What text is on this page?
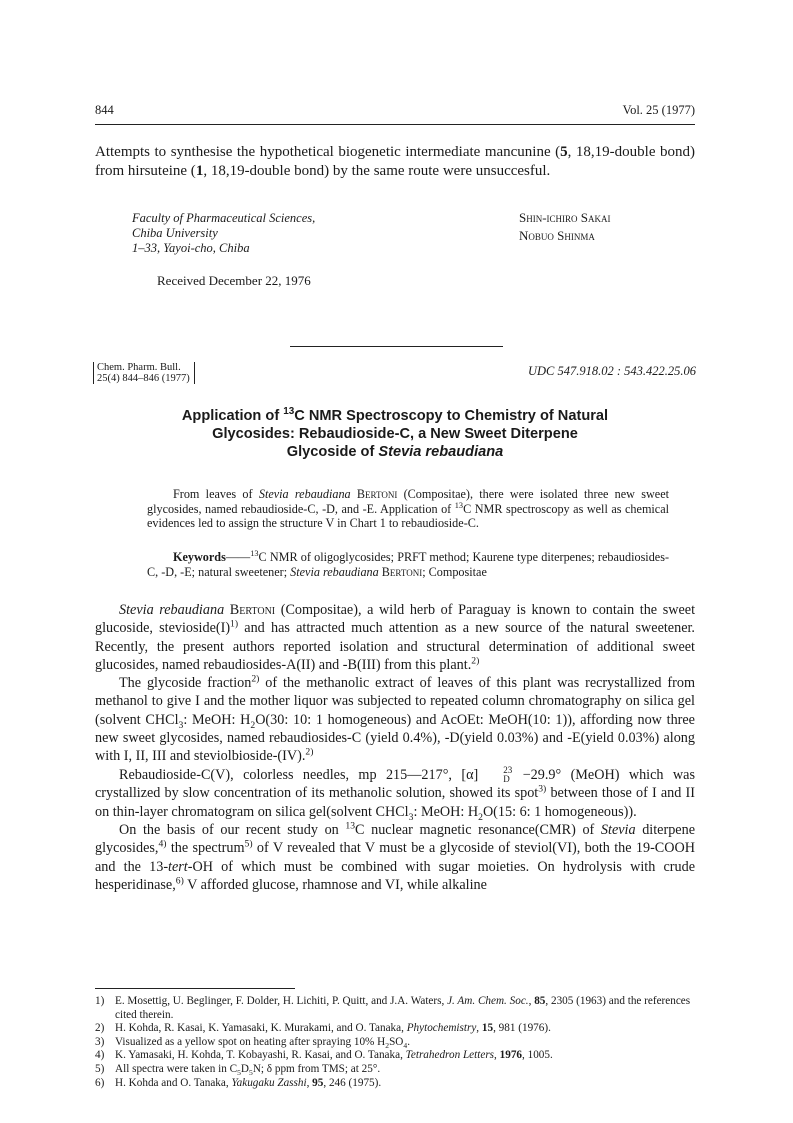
844	Vol. 25 (1977)
Attempts to synthesise the hypothetical biogenetic intermediate mancunine (5, 18,19-double bond) from hirsuteine (1, 18,19-double bond) by the same route were unsuccesful.
Faculty of Pharmaceutical Sciences,
Chiba University
1–33, Yayoi-cho, Chiba
Shin-ichiro Sakai
Nobuo Shinma
Received December 22, 1976
Chem. Pharm. Bull.
25(4) 844–846 (1977)
UDC 547.918.02 : 543.422.25.06
Application of $^{13}$C NMR Spectroscopy to Chemistry of Natural
Glycosides: Rebaudioside-C, a New Sweet Diterpene
Glycoside of Stevia rebaudiana
From leaves of Stevia rebaudiana Bertoni (Compositae), there were isolated three new sweet glycosides, named rebaudioside-C, -D, and -E. Application of $^{13}$C NMR spectroscopy as well as chemical evidences led to assign the structure V in Chart 1 to rebaudioside-C.
Keywords——$^{13}$C NMR of oligoglycosides; PRFT method; Kaurene type diterpenes; rebaudiosides-C, -D, -E; natural sweetener; Stevia rebaudiana Bertoni; Compositae

Stevia rebaudiana Bertoni (Compositae), a wild herb of Paraguay is known to contain the sweet glucoside, $stevioside(I)^{1)}$ and has attracted much attention as a new source of the natural sweetener. Recently, the present authors reported isolation and structural determination of additional sweet glucosides, named rebaudiosides-A(II) and -B(III) from this plant.$^{2)}$

The glycoside fraction$^{2)}$ of the methanolic extract of leaves of this plant was recrystallized from methanol to give I and the mother liquor was subjected to repeated column chromatography on silica gel (solvent CHCl$_3$: MeOH: $H_2O(30$: 10: 1 homogeneous) and AcOEt: MeOH(10: 1)), affording now three new sweet glycosides, named rebaudiosides-C (yield 0.4%), -D(yield 0.03%) and -E(yield 0.03%) along with I, II, III and steviolbioside-(IV).$^{2)}$

Rebaudioside-C(V), colorless needles, mp 215—217°, [α]	23
D −29.9° (MeOH) which was crystallized by slow concentration of its methanolic solution, showed its spot$^{3)}$ between those of I and II on thin-layer chromatogram on silica gel(solvent CHCl$_3$: MeOH: $H_2O(15$: 6: 1 homogeneous)).

On the basis of our recent study on $^{13}$C nuclear magnetic resonance(CMR) of Stevia diterpene glycosides,$^{4)}$ the spectrum$^{5)}$ of V revealed that V must be a glycoside of steviol(VI), both the 19-COOH and the 13-tert-OH of which must be combined with sugar moieties. On hydrolysis with crude hesperidinase,$^{6)}$ V afforded glucose, rhamnose and VI, while alkaline

1) E. Mosettig, U. Beglinger, F. Dolder, H. Lichiti, P. Quitt, and J.A. Waters, J. Am. Chem. Soc., 85, 2305 (1963) and the references cited therein.
2) H. Kohda, R. Kasai, K. Yamasaki, K. Murakami, and O. Tanaka, Phytochemistry, 15, 981 (1976).
3) Visualized as a yellow spot on heating after spraying 10% $H_2SO_4$.
4) K. Yamasaki, H. Kohda, T. Kobayashi, R. Kasai, and O. Tanaka, Tetrahedron Letters, 1976, 1005.
5) All spectra were taken in $C_5D_5N$; δ ppm from TMS; at 25°.
6) H. Kohda and O. Tanaka, Yakugaku Zasshi, 95, 246 (1975).
